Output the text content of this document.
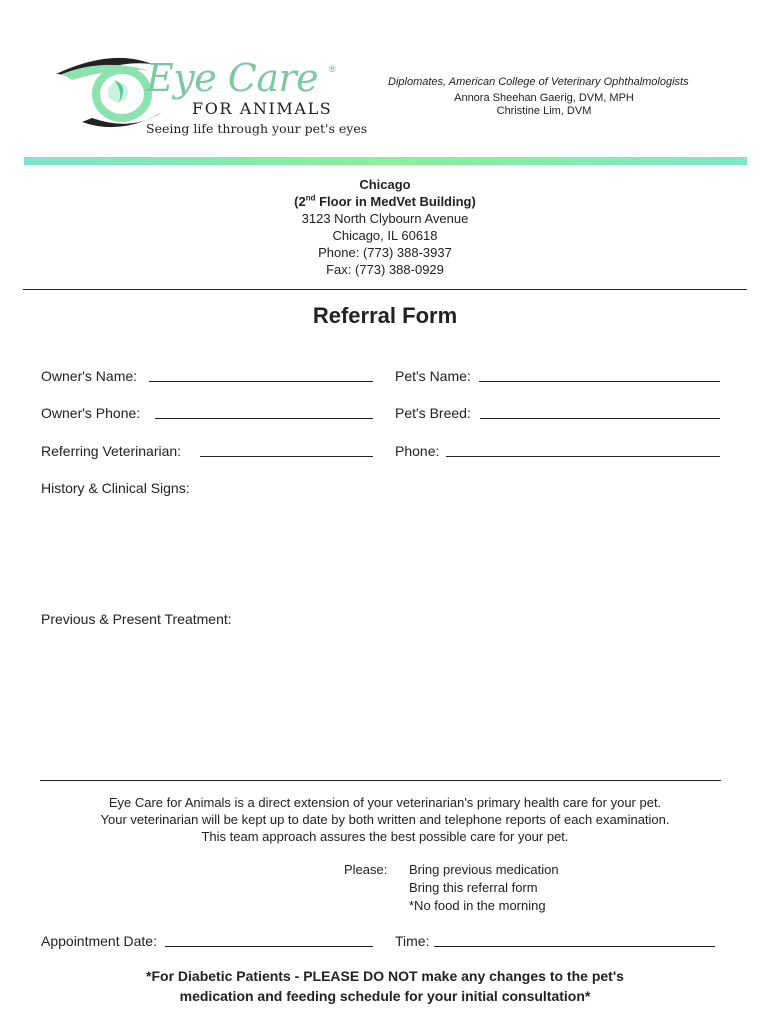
Eye Care ®
FOR ANIMALS
Seeing life through your pet's eyes
Diplomates, American College of Veterinary Ophthalmologists
Annora Sheehan Gaerig, DVM, MPH
Christine Lim, DVM
Chicago
(2nd Floor in MedVet Building)
3123 North Clybourn Avenue
Chicago, IL 60618
Phone: (773) 388-3937
Fax: (773) 388-0929
Referral Form
Owner's Name:	Pet's Name:
Owner's Phone:	Pet's Breed:
Referring Veterinarian:	Phone:
History & Clinical Signs:
Previous & Present Treatment:
Eye Care for Animals is a direct extension of your veterinarian's primary health care for your pet.
Your veterinarian will be kept up to date by both written and telephone reports of each examination.
This team approach assures the best possible care for your pet.
Please: Bring previous medication
Bring this referral form
*No food in the morning
Appointment Date:	Time:
*For Diabetic Patients - PLEASE DO NOT make any changes to the pet's
medication and feeding schedule for your initial consultation*
